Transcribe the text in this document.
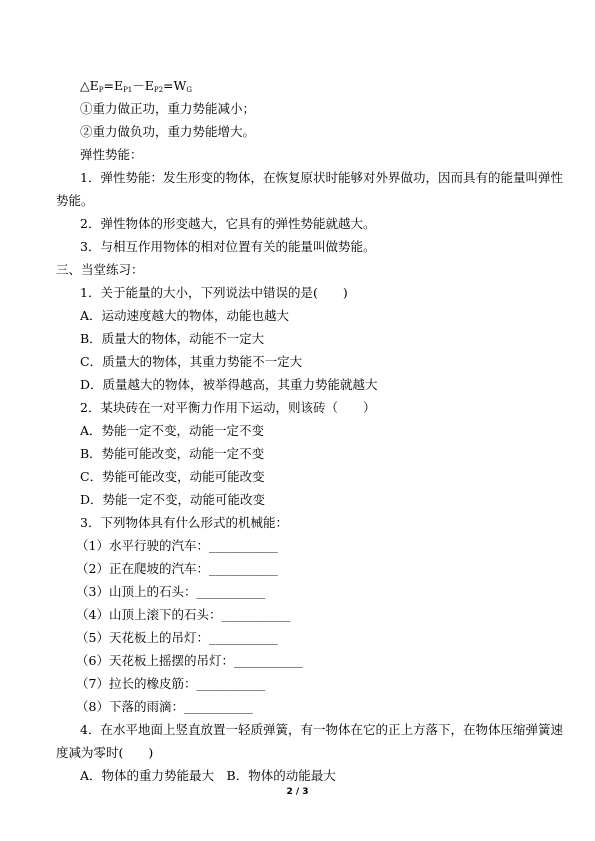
$\triangle E_P=E_{P1}-E_{P2}=W_G$
①重力做正功，重力势能减小；
②重力做负功，重力势能增大。
弹性势能：
1．弹性势能：发生形变的物体，在恢复原状时能够对外界做功，因而具有的能量叫弹性
势能。
2．弹性物体的形变越大，它具有的弹性势能就越大。
3．与相互作用物体的相对位置有关的能量叫做势能。
三、当堂练习：
1．关于能量的大小，下列说法中错误的是(　　)
A．运动速度越大的物体，动能也越大
B．质量大的物体，动能不一定大
C．质量大的物体，其重力势能不一定大
D．质量越大的物体，被举得越高，其重力势能就越大
2．某块砖在一对平衡力作用下运动，则该砖（　　）
A．势能一定不变，动能一定不变
B．势能可能改变，动能一定不变
C．势能可能改变，动能可能改变
D．势能一定不变，动能可能改变
3．下列物体具有什么形式的机械能：
（1）水平行驶的汽车：___________
（2）正在爬坡的汽车：___________
（3）山顶上的石头：___________
（4）山顶上滚下的石头：___________
（5）天花板上的吊灯：___________
（6）天花板上摇摆的吊灯：___________
（7）拉长的橡皮筋：___________
（8）下落的雨滴：___________
4．在水平地面上竖直放置一轻质弹簧，有一物体在它的正上方落下，在物体压缩弹簧速
度减为零时(　　)
A．物体的重力势能最大　B．物体的动能最大
2 / 3
